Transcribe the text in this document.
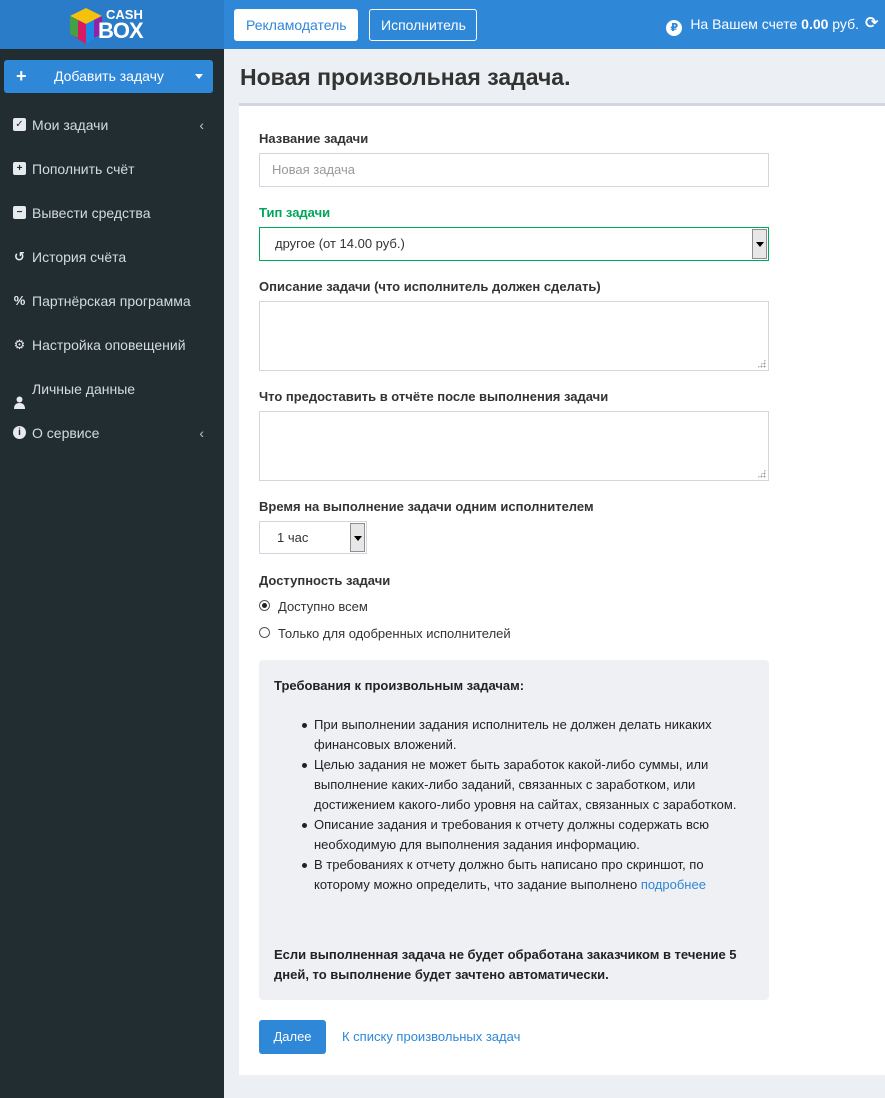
CASH
BOX	Рекламодатель	Исполнитель	₽ На Вашем счете 0.00 руб. ⟳
+ Добавить задачу
✓ Мои задачи	‹
+ Пополнить счёт
− Вывести средства
↺ История счёта
% Партнёрская программа
⚙ Настройка оповещений
Личные данные
i О сервисе	‹
Новая произвольная задача.
Название задачи
Новая задача
Тип задачи
другое (от 14.00 руб.)
Описание задачи (что исполнитель должен сделать)
Что предоставить в отчёте после выполнения задачи
Время на выполнение задачи одним исполнителем
1 час
Доступность задачи
Доступно всем
Только для одобренных исполнителей
Требования к произвольным задачам:
При выполнении задания исполнитель не должен делать никаких финансовых вложений.
Целью задания не может быть заработок какой-либо суммы, или выполнение каких-либо заданий, связанных с заработком, или достижением какого-либо уровня на сайтах, связанных с заработком.
Описание задания и требования к отчету должны содержать всю необходимую для выполнения задания информацию.
В требованиях к отчету должно быть написано про скриншот, по которому можно определить, что задание выполнено подробнее
Если выполненная задача не будет обработана заказчиком в течение 5 дней, то выполнение будет зачтено автоматически.
Далее	К списку произвольных задач
